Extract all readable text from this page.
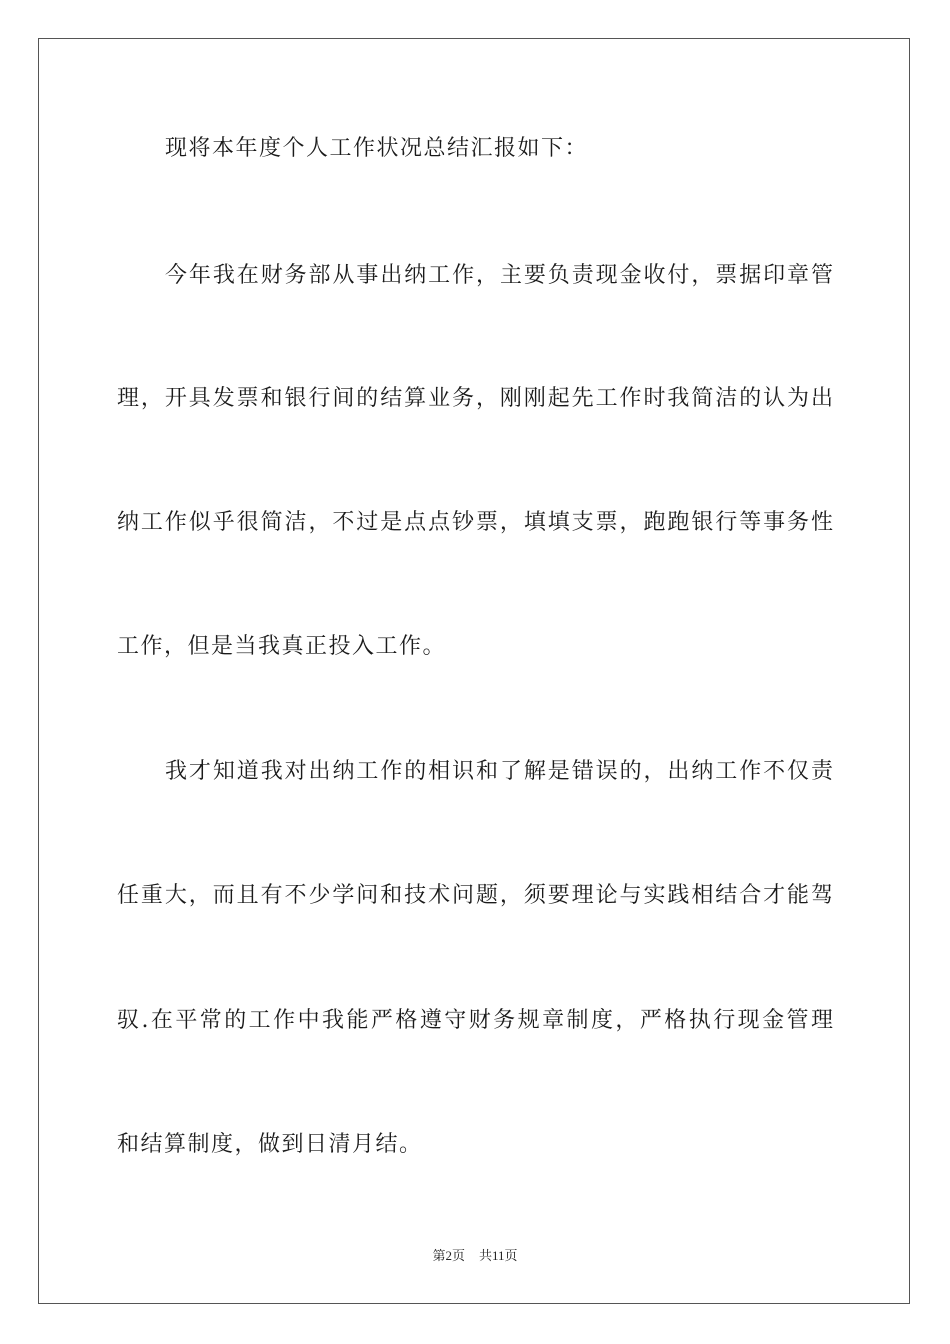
现将本年度个人工作状况总结汇报如下：
今年我在财务部从事出纳工作，主要负责现金收付，票据印章管
理，开具发票和银行间的结算业务，刚刚起先工作时我简洁的认为出
纳工作似乎很简洁，不过是点点钞票，填填支票，跑跑银行等事务性
工作，但是当我真正投入工作。
我才知道我对出纳工作的相识和了解是错误的，出纳工作不仅责
任重大，而且有不少学问和技术问题，须要理论与实践相结合才能驾
驭.在平常的工作中我能严格遵守财务规章制度，严格执行现金管理
和结算制度，做到日清月结。
第2页 共11页
